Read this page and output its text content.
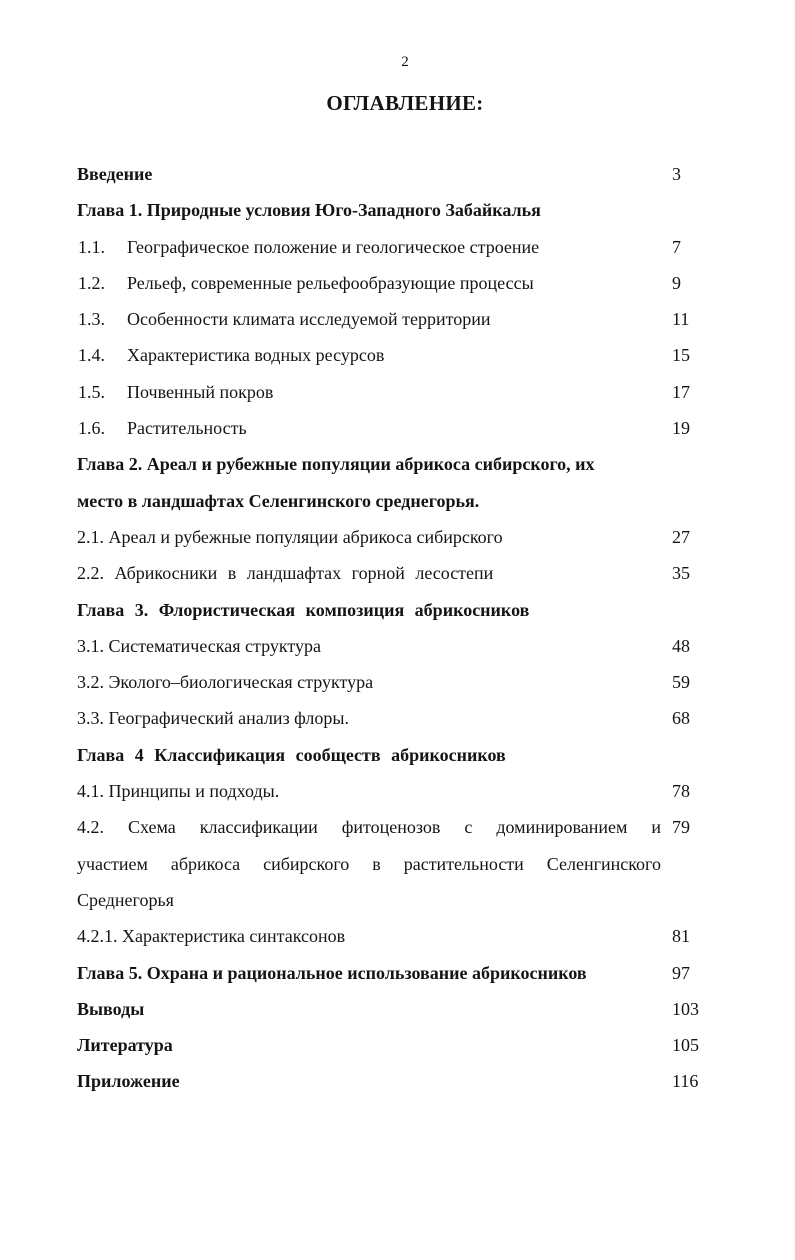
2
ОГЛАВЛЕНИЕ:
Введение	3
Глава 1. Природные условия Юго-Западного Забайкалья
1.1.	Географическое положение и геологическое строение	7
1.2.	Рельеф, современные рельефообразующие процессы	9
1.3.	Особенности климата исследуемой территории	11
1.4.	Характеристика водных ресурсов	15
1.5.	Почвенный покров	17
1.6.	Растительность	19
Глава 2. Ареал и рубежные популяции абрикоса сибирского, их
место в ландшафтах Селенгинского среднегорья.
2.1. Ареал и рубежные популяции абрикоса сибирского	27
2.2. Абрикосники в ландшафтах горной лесостепи	35
Глава 3. Флористическая композиция абрикосников
3.1. Систематическая структура	48
3.2. Эколого–биологическая структура	59
3.3. Географический анализ флоры.	68
Глава 4 Классификация сообществ абрикосников
4.1. Принципы и подходы.	78
4.2. Схема классификации фитоценозов с доминированием и 79
участием абрикоса сибирского в растительности Селенгинского
Среднегорья
4.2.1. Характеристика синтаксонов	81
Глава 5. Охрана и рациональное использование абрикосников	97
Выводы	103
Литература	105
Приложение	116
